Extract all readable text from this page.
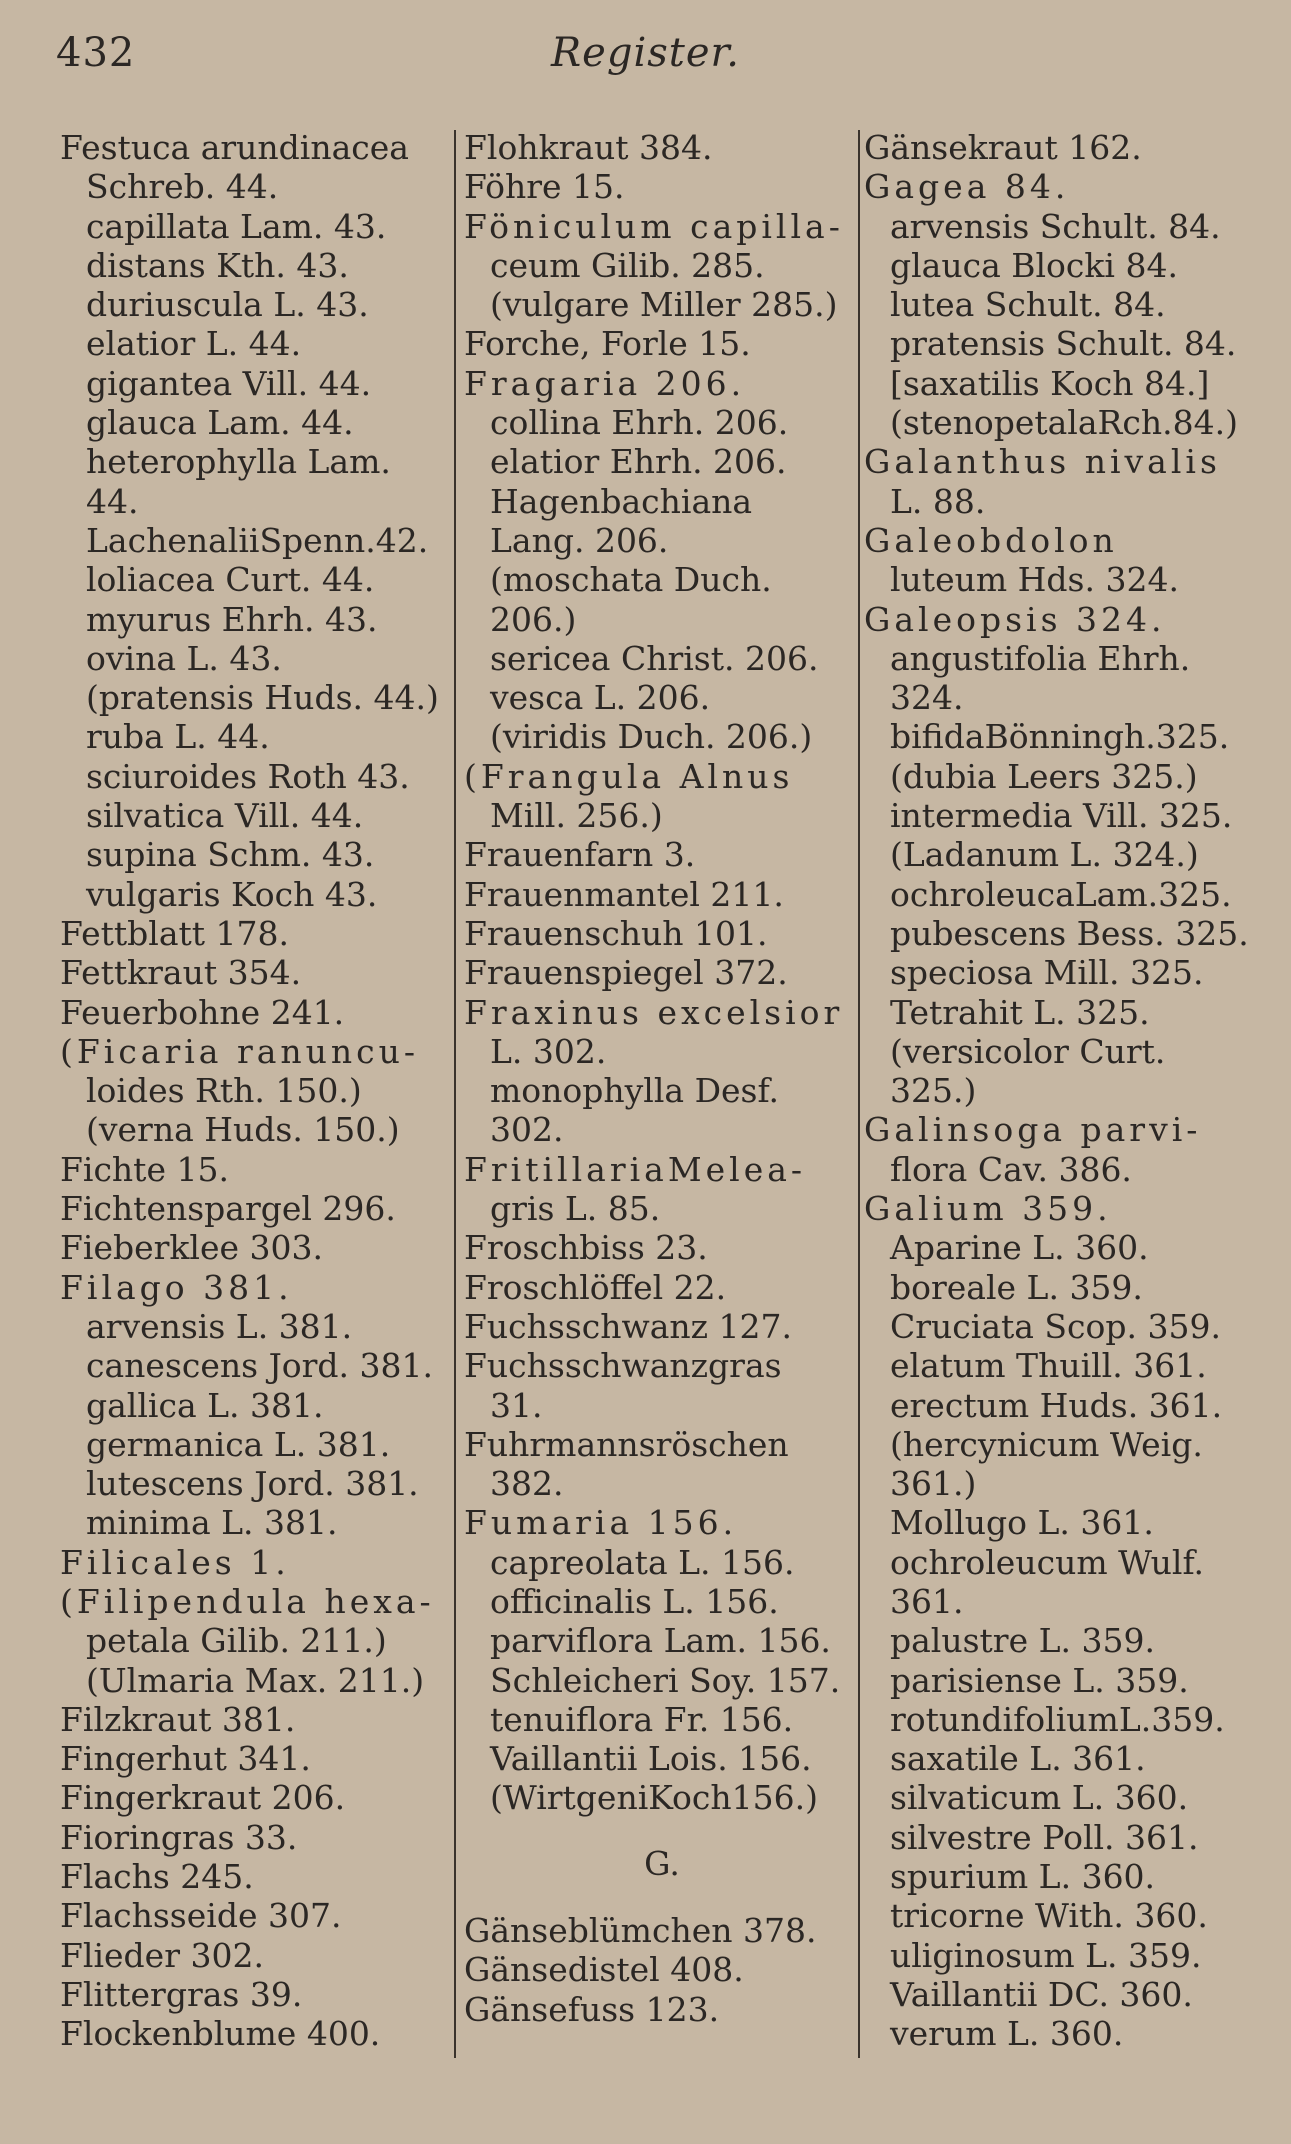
432	Register.
Festuca arundinacea
Schreb. 44.
capillata Lam. 43.
distans Kth. 43.
duriuscula L. 43.
elatior L. 44.
gigantea Vill. 44.
glauca Lam. 44.
heterophylla Lam.
44.
LachenaliiSpenn.42.
loliacea Curt. 44.
myurus Ehrh. 43.
ovina L. 43.
(pratensis Huds. 44.)
ruba L. 44.
sciuroides Roth 43.
silvatica Vill. 44.
supina Schm. 43.
vulgaris Koch 43.
Fettblatt 178.
Fettkraut 354.
Feuerbohne 241.
(Ficaria ranuncu-
loides Rth. 150.)
(verna Huds. 150.)
Fichte 15.
Fichtenspargel 296.
Fieberklee 303.
Filago 381.
arvensis L. 381.
canescens Jord. 381.
gallica L. 381.
germanica L. 381.
lutescens Jord. 381.
minima L. 381.
Filicales 1.
(Filipendula hexa-
petala Gilib. 211.)
(Ulmaria Max. 211.)
Filzkraut 381.
Fingerhut 341.
Fingerkraut 206.
Fioringras 33.
Flachs 245.
Flachsseide 307.
Flieder 302.
Flittergras 39.
Flockenblume 400.
Flohkraut 384.
Föhre 15.
Föniculum capilla-
ceum Gilib. 285.
(vulgare Miller 285.)
Forche, Forle 15.
Fragaria 206.
collina Ehrh. 206.
elatior Ehrh. 206.
Hagenbachiana
Lang. 206.
(moschata Duch.
206.)
sericea Christ. 206.
vesca L. 206.
(viridis Duch. 206.)
(Frangula Alnus
Mill. 256.)
Frauenfarn 3.
Frauenmantel 211.
Frauenschuh 101.
Frauenspiegel 372.
Fraxinus excelsior
L. 302.
monophylla Desf.
302.
FritillariaMelea-
gris L. 85.
Froschbiss 23.
Froschlöffel 22.
Fuchsschwanz 127.
Fuchsschwanzgras
31.
Fuhrmannsröschen
382.
Fumaria 156.
capreolata L. 156.
officinalis L. 156.
parviflora Lam. 156.
Schleicheri Soy. 157.
tenuiflora Fr. 156.
Vaillantii Lois. 156.
(WirtgeniKoch156.)
G.
Gänseblümchen 378.
Gänsedistel 408.
Gänsefuss 123.
Gänsekraut 162.
Gagea 84.
arvensis Schult. 84.
glauca Blocki 84.
lutea Schult. 84.
pratensis Schult. 84.
[saxatilis Koch 84.]
(stenopetalaRch.84.)
Galanthus nivalis
L. 88.
Galeobdolon
luteum Hds. 324.
Galeopsis 324.
angustifolia Ehrh.
324.
bifidaBönningh.325.
(dubia Leers 325.)
intermedia Vill. 325.
(Ladanum L. 324.)
ochroleucaLam.325.
pubescens Bess. 325.
speciosa Mill. 325.
Tetrahit L. 325.
(versicolor Curt.
325.)
Galinsoga parvi-
flora Cav. 386.
Galium 359.
Aparine L. 360.
boreale L. 359.
Cruciata Scop. 359.
elatum Thuill. 361.
erectum Huds. 361.
(hercynicum Weig.
361.)
Mollugo L. 361.
ochroleucum Wulf.
361.
palustre L. 359.
parisiense L. 359.
rotundifoliumL.359.
saxatile L. 361.
silvaticum L. 360.
silvestre Poll. 361.
spurium L. 360.
tricorne With. 360.
uliginosum L. 359.
Vaillantii DC. 360.
verum L. 360.
